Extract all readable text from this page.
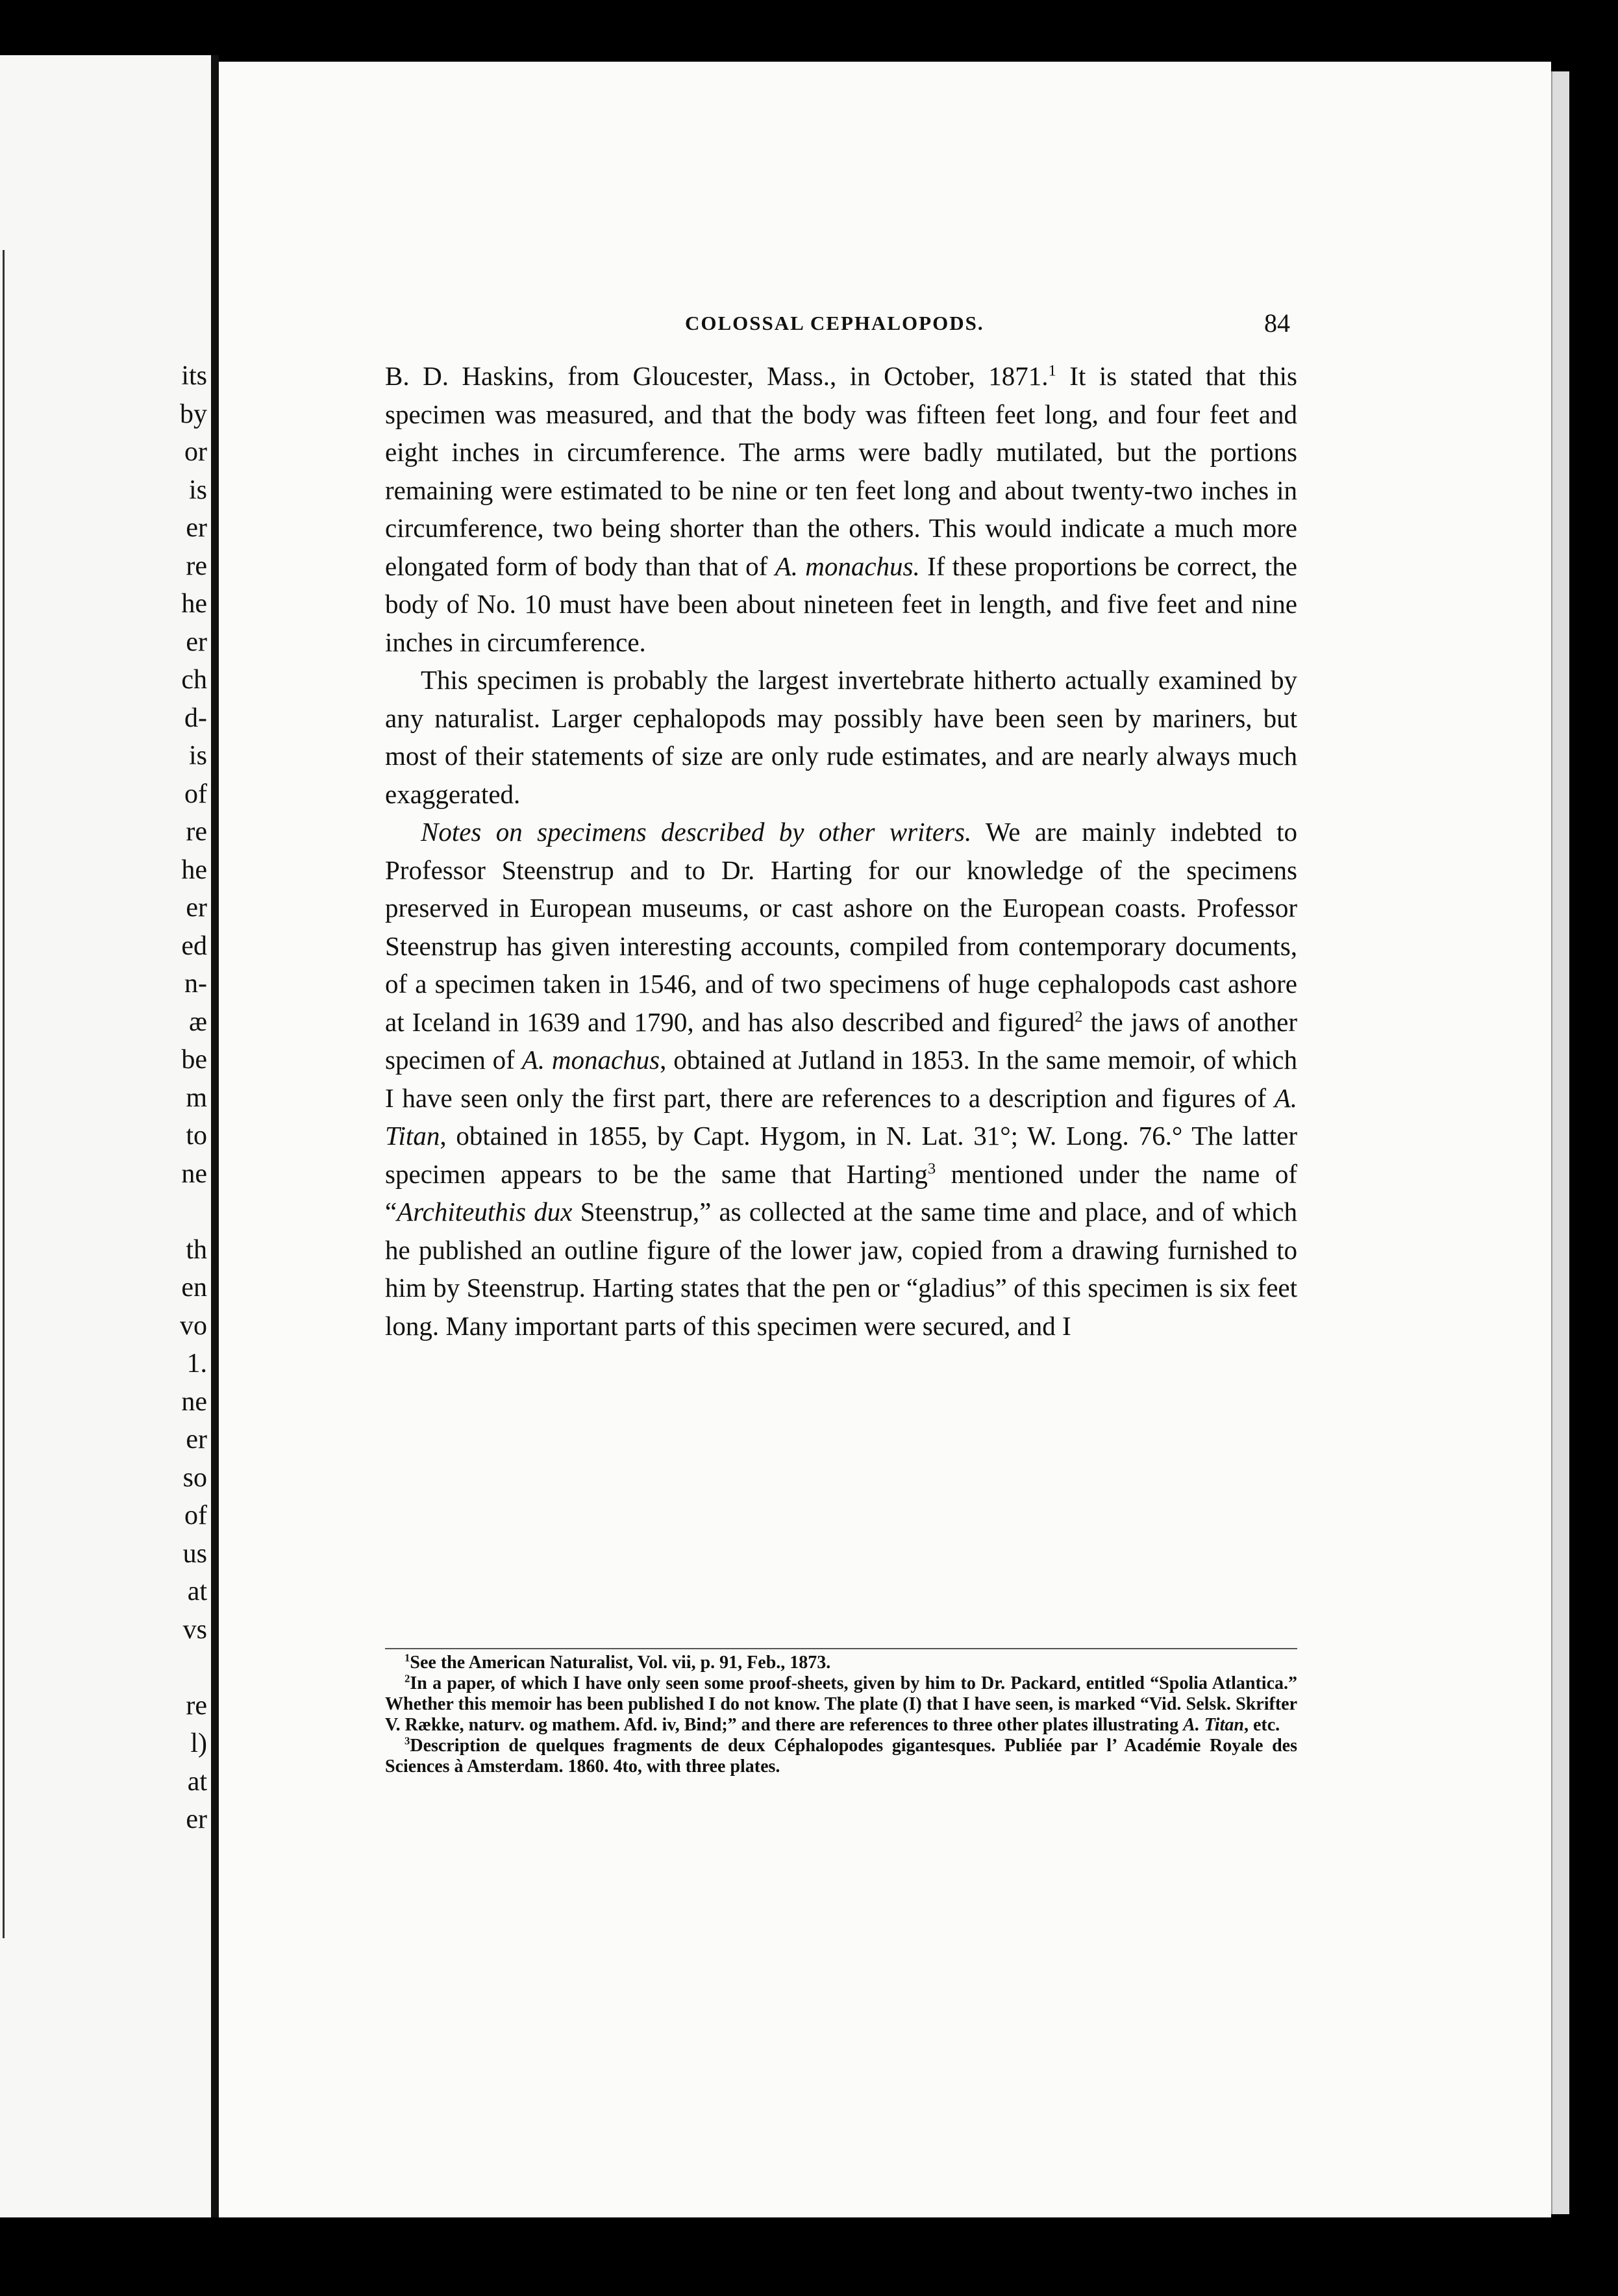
its
by
or
is
er
re
he
er
ch
d-
is
of
re
he
er
ed
n-
æ
be
m
to
ne
th
en
vo
1.
ne
er
so
of
us
at
vs
re
l)
at
er
COLOSSAL CEPHALOPODS.	84

B. D. Haskins, from Gloucester, Mass., in October, 1871.$^1$ It is stated that this specimen was measured, and that the body was fifteen feet long, and four feet and eight inches in circumference. The arms were badly mutilated, but the portions remaining were estimated to be nine or ten feet long and about twenty-two inches in circumference, two being shorter than the others. This would indicate a much more elongated form of body than that of A. monachus. If these proportions be correct, the body of No. 10 must have been about nineteen feet in length, and five feet and nine inches in circumference.

This specimen is probably the largest invertebrate hitherto actually examined by any naturalist. Larger cephalopods may possibly have been seen by mariners, but most of their statements of size are only rude estimates, and are nearly always much exaggerated.

Notes on specimens described by other writers. We are mainly indebted to Professor Steenstrup and to Dr. Harting for our knowledge of the specimens preserved in European museums, or cast ashore on the European coasts. Professor Steenstrup has given interesting accounts, compiled from contemporary documents, of a specimen taken in 1546, and of two specimens of huge cephalopods cast ashore at Iceland in 1639 and 1790, and has also described and figured$^2$ the jaws of another specimen of A. monachus, obtained at Jutland in 1853. In the same memoir, of which I have seen only the first part, there are references to a description and figures of A. Titan, obtained in 1855, by Capt. Hygom, in N. Lat. 31°; W. Long. 76.° The latter specimen appears to be the same that Harting$^3$ mentioned under the name of “Architeuthis dux Steenstrup,” as collected at the same time and place, and of which he published an outline figure of the lower jaw, copied from a drawing furnished to him by Steenstrup. Harting states that the pen or “gladius” of this specimen is six feet long. Many important parts of this specimen were secured, and I

$^1$See the American Naturalist, Vol. vii, p. 91, Feb., 1873.

$^2$In a paper, of which I have only seen some proof-sheets, given by him to Dr. Packard, entitled “Spolia Atlantica.” Whether this memoir has been published I do not know. The plate (I) that I have seen, is marked “Vid. Selsk. Skrifter V. Række, naturv. og mathem. Afd. iv, Bind;” and there are references to three other plates illustrating A. Titan, etc.

$^3$Description de quelques fragments de deux Céphalopodes gigantesques. Publiée par l’ Académie Royale des Sciences à Amsterdam. 1860. 4to, with three plates.
